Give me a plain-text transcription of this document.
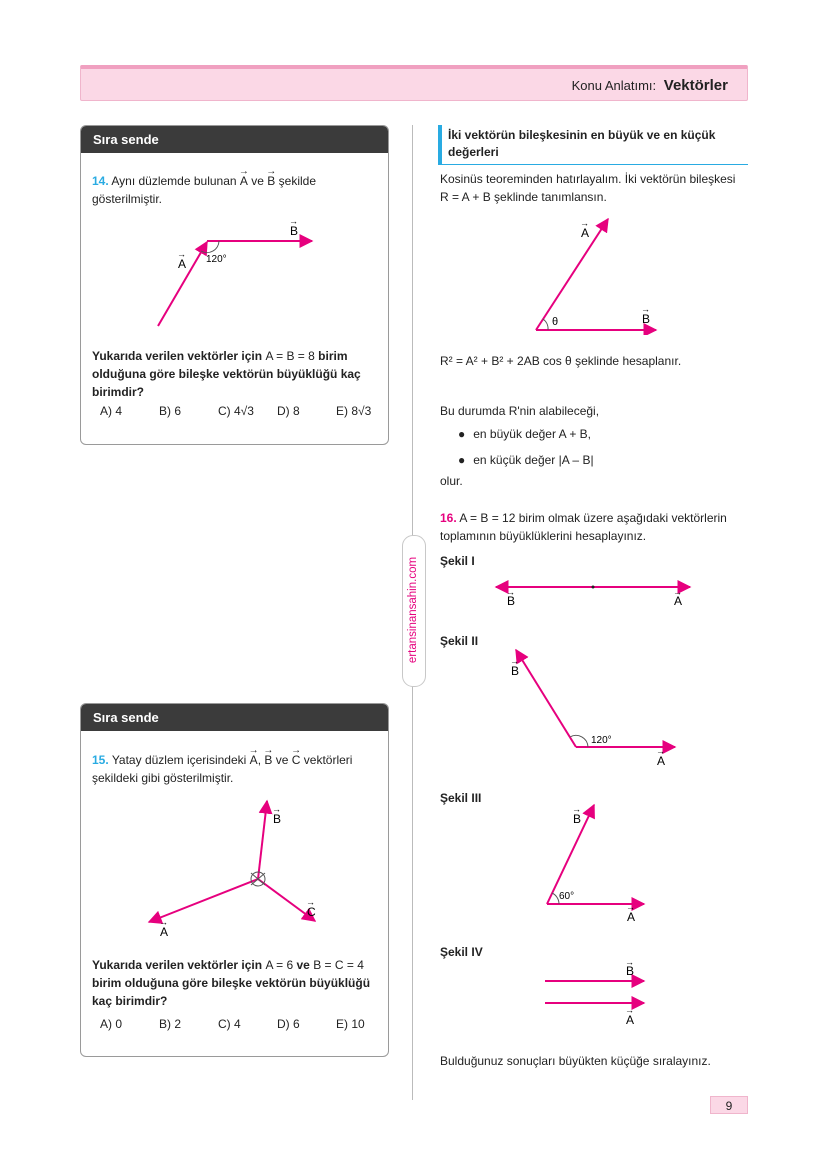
Konu Anlatımı: Vektörler
ertansinansahin.com
Sıra sende
14. Aynı düzlemde bulunan → A ve → B şekilde gösterilmiştir.
A
→
B
→
120°
Yukarıda verilen vektörler için A = B = 8 birim olduğuna göre bileşke vektörün büyüklüğü kaç birimdir?
A) 4	B) 6	C) 4√3 D) 8	E) 8√3
Sıra sende
15. Yatay düzlem içerisindeki → A, → B ve → C vektörleri şekildeki gibi gösterilmiştir.
A
→
B
→
C
→
Yukarıda verilen vektörler için A = 6 ve B = C = 4 birim olduğuna göre bileşke vektörün büyüklüğü kaç birimdir?
A) 0	B) 2	C) 4	D) 6	E) 10
İki vektörün bileşkesinin en büyük ve en küçük değerleri
Kosinüs teoreminden hatırlayalım. İki vektörün bileşkesi
R = A + B şeklinde tanımlansın.
A
→
B
→
θ
R² = A² + B² + 2AB cos θ şeklinde hesaplanır.
Bu durumda R'nin alabileceği,
● en büyük değer A + B,
● en küçük değer |A – B|
olur.
16. A = B = 12 birim olmak üzere aşağıdaki vektörlerin
toplamının büyüklüklerini hesaplayınız.
Şekil I
B
→
A
→
Şekil II
B
→
A
→
120°
Şekil III
B
→
A
→
60°
Şekil IV
B
→
A
→
Bulduğunuz sonuçları büyükten küçüğe sıralayınız.
9
